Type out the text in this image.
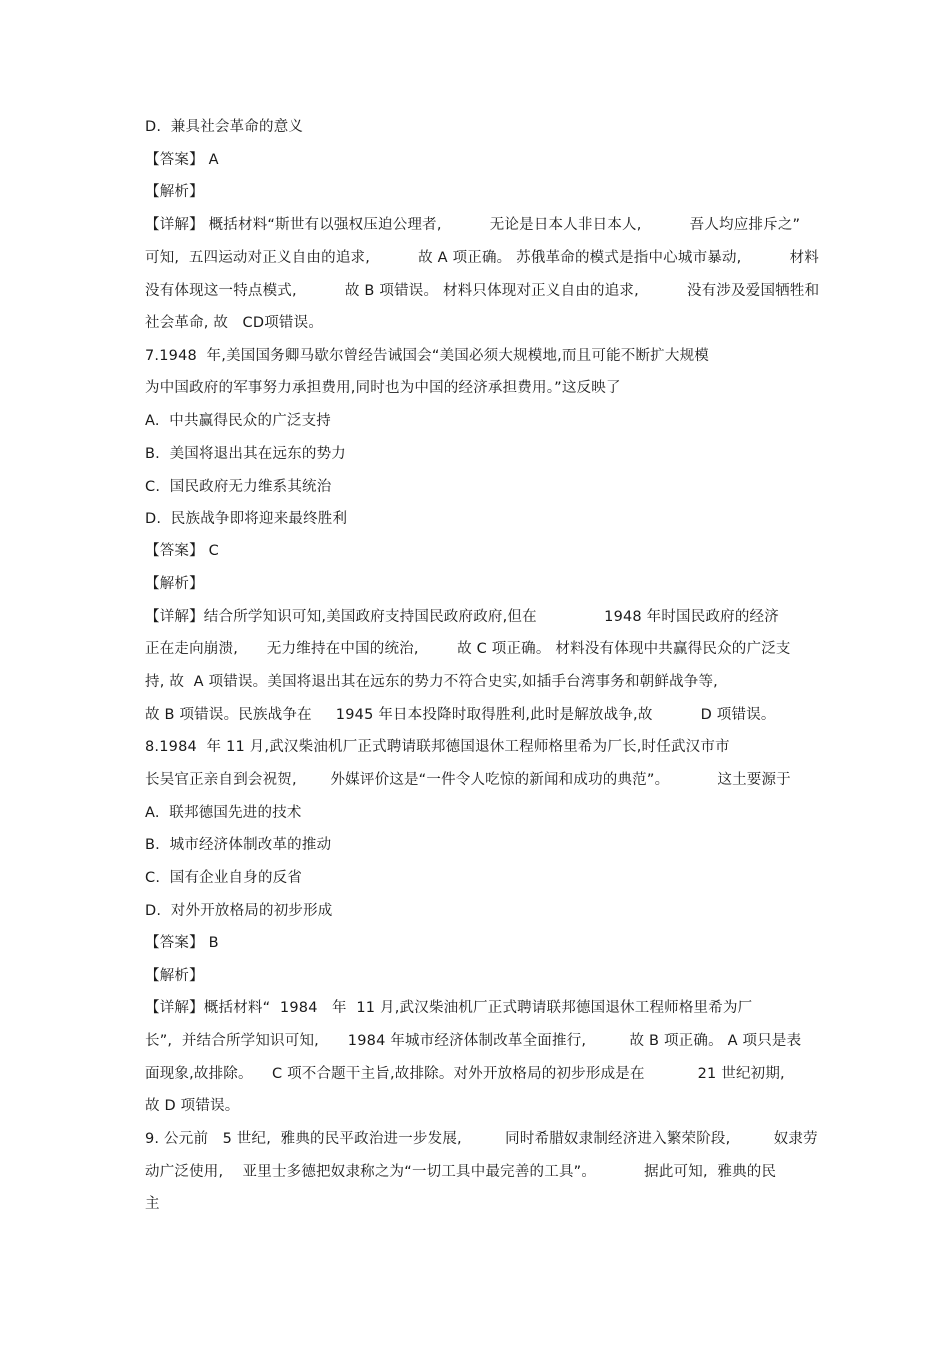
D.  兼具社会革命的意义
【答案】 A
【解析】
【详解】 概括材料“斯世有以强权压迫公理者,          无论是日本人非日本人,          吾人均应排斥之”
可知,  五四运动对正义自由的追求,          故 A 项正确。 苏俄革命的模式是指中心城市暴动,          材料
没有体现这一特点模式,          故 B 项错误。 材料只体现对正义自由的追求,          没有涉及爱国牺牲和
社会革命, 故   CD项错误。
7.1948  年,美国国务卿马歇尔曾经告诫国会“美国必须大规模地,而且可能不断扩大规模
为中国政府的军事努力承担费用,同时也为中国的经济承担费用。”这反映了
A.  中共赢得民众的广泛支持
B.  美国将退出其在远东的势力
C.  国民政府无力维系其统治
D.  民族战争即将迎来最终胜利
【答案】 C
【解析】
【详解】结合所学知识可知,美国政府支持国民政府政府,但在              1948 年时国民政府的经济
正在走向崩溃,      无力维持在中国的统治,        故 C 项正确。 材料没有体现中共赢得民众的广泛支
持, 故  A 项错误。美国将退出其在远东的势力不符合史实,如插手台湾事务和朝鲜战争等,
故 B 项错误。民族战争在     1945 年日本投降时取得胜利,此时是解放战争,故          D 项错误。
8.1984  年 11 月,武汉柴油机厂正式聘请联邦德国退休工程师格里希为厂长,时任武汉市市
长吴官正亲自到会祝贺,       外媒评价这是“一件令人吃惊的新闻和成功的典范”。          这土要源于
A.  联邦德国先进的技术
B.  城市经济体制改革的推动
C.  国有企业自身的反省
D.  对外开放格局的初步形成
【答案】 B
【解析】
【详解】概括材料“  1984   年  11 月,武汉柴油机厂正式聘请联邦德国退休工程师格里希为厂
长”,  并结合所学知识可知,      1984 年城市经济体制改革全面推行,         故 B 项正确。 A 项只是表
面现象,故排除。    C 项不合题干主旨,故排除。对外开放格局的初步形成是在           21 世纪初期,
故 D 项错误。
9. 公元前   5 世纪,  雅典的民平政治进一步发展,         同时希腊奴隶制经济进入繁荣阶段,         奴隶劳
动广泛使用,    亚里士多德把奴隶称之为“一切工具中最完善的工具”。          据此可知,  雅典的民
主
